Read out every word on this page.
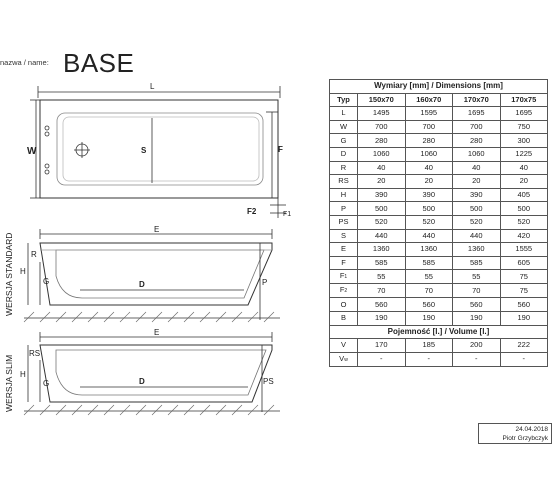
L
W	S	F
F2	F1
E
R
H
G	D	P
E
RS
H
G	D	PS
nazwa / name: BASE
WERSJA STANDARD
WERSJA SLIM
Wymiary [mm] / Dimensions [mm]				
Typ	150x70	160x70	170x70	170x75
L	1495	1595	1695	1695
W	700	700	700	750
G	280	280	280	300
D	1060	1060	1060	1225
R	40	40	40	40
RS	20	20	20	20
H	390	390	390	405
P	500	500	500	500
PS	520	520	520	520
S	440	440	440	420
E	1360	1360	1360	1555
F	585	585	585	605
F1	55	55	55	75
F2	70	70	70	75
O	560	560	560	560
B	190	190	190	190
Pojemność [l.] / Volume [l.]				
V	170	185	200	222
Vw	-	-	-	-
24.04.2018
Piotr Grzybczyk
